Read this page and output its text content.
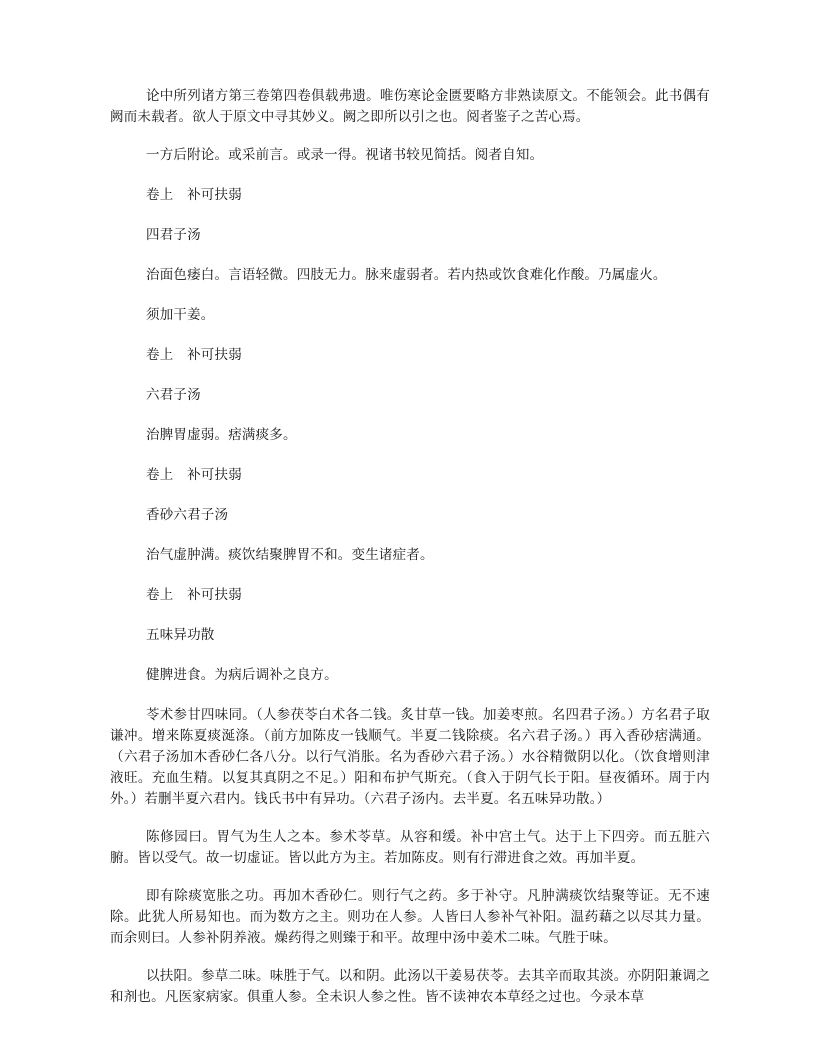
论中所列诸方第三卷第四卷俱载弗遗。唯伤寒论金匮要略方非熟读原文。不能领会。此书偶有阙而未载者。欲人于原文中寻其妙义。阙之即所以引之也。阅者鉴子之苦心焉。

一方后附论。或采前言。或录一得。视诸书较见简括。阅者自知。

卷上　补可扶弱

四君子汤

治面色痿白。言语轻微。四肢无力。脉来虚弱者。若内热或饮食难化作酸。乃属虚火。

须加干姜。

卷上　补可扶弱

六君子汤

治脾胃虚弱。痞满痰多。

卷上　补可扶弱

香砂六君子汤

治气虚肿满。痰饮结聚脾胃不和。变生诸症者。

卷上　补可扶弱

五味异功散

健脾进食。为病后调补之良方。

苓术参甘四味同。（人参茯苓白术各二钱。炙甘草一钱。加姜枣煎。名四君子汤。）方名君子取谦冲。增来陈夏痰涎涤。（前方加陈皮一钱顺气。半夏二钱除痰。名六君子汤。）再入香砂痞满通。（六君子汤加木香砂仁各八分。以行气消胀。名为香砂六君子汤。）水谷精微阴以化。（饮食增则津液旺。充血生精。以复其真阴之不足。）阳和布护气斯充。（食入于阴气长于阳。昼夜循环。周于内外。）若删半夏六君内。钱氏书中有异功。（六君子汤内。去半夏。名五味异功散。）

陈修园曰。胃气为生人之本。参术苓草。从容和缓。补中宫土气。达于上下四旁。而五脏六腑。皆以受气。故一切虚证。皆以此方为主。若加陈皮。则有行滞进食之效。再加半夏。

即有除痰宽胀之功。再加木香砂仁。则行气之药。多于补守。凡肿满痰饮结聚等证。无不速除。此犹人所易知也。而为数方之主。则功在人参。人皆曰人参补气补阳。温药藉之以尽其力量。而余则曰。人参补阴养液。燥药得之则臻于和平。故理中汤中姜术二味。气胜于味。

以扶阳。参草二味。味胜于气。以和阴。此汤以干姜易茯苓。去其辛而取其淡。亦阴阳兼调之和剂也。凡医家病家。俱重人参。全未识人参之性。皆不读神农本草经之过也。今录本草
